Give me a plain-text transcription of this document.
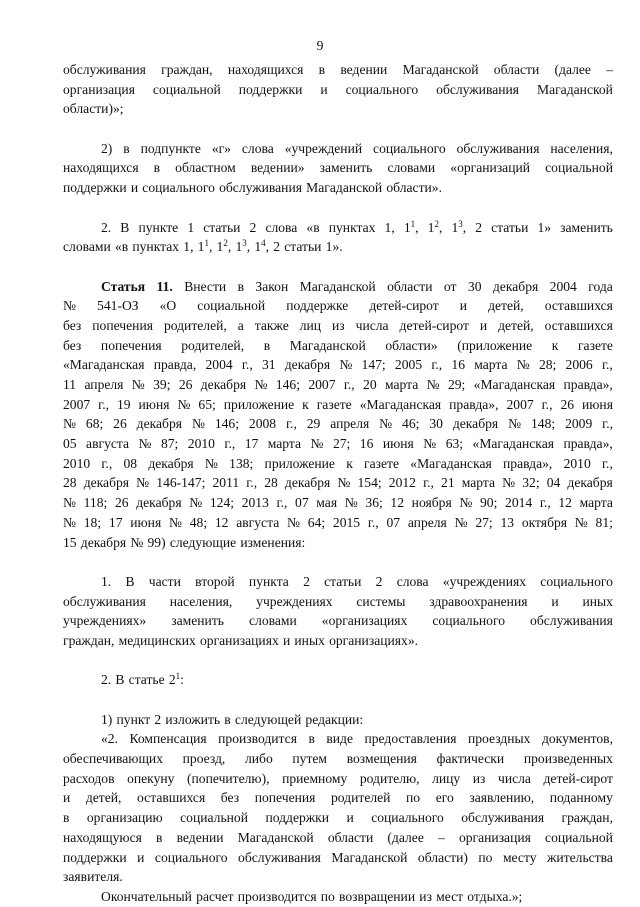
9
обслуживания граждан, находящихся в ведении Магаданской области (далее –
организация социальной поддержки и социального обслуживания Магаданской
области)»;
2) в подпункте «г» слова «учреждений социального обслуживания населения,
находящихся в областном ведении» заменить словами «организаций социальной
поддержки и социального обслуживания Магаданской области».
2. В пункте 1 статьи 2 слова «в пунктах 1, $1^1$, $1^2$, $1^3$, 2 статьи 1» заменить
словами «в пунктах 1, $1^1$, $1^2$, $1^3$, $1^4$, 2 статьи 1».
Статья 11. Внести в Закон Магаданской области от 30 декабря 2004 года
№ 541-ОЗ «О социальной поддержке детей-сирот и детей, оставшихся
без попечения родителей, а также лиц из числа детей-сирот и детей, оставшихся
без попечения родителей, в Магаданской области» (приложение к газете
«Магаданская правда, 2004 г., 31 декабря № 147; 2005 г., 16 марта № 28; 2006 г.,
11 апреля № 39; 26 декабря № 146; 2007 г., 20 марта № 29; «Магаданская правда»,
2007 г., 19 июня № 65; приложение к газете «Магаданская правда», 2007 г., 26 июня
№ 68; 26 декабря № 146; 2008 г., 29 апреля № 46; 30 декабря № 148; 2009 г.,
05 августа № 87; 2010 г., 17 марта № 27; 16 июня № 63; «Магаданская правда»,
2010 г., 08 декабря № 138; приложение к газете «Магаданская правда», 2010 г.,
28 декабря № 146-147; 2011 г., 28 декабря № 154; 2012 г., 21 марта № 32; 04 декабря
№ 118; 26 декабря № 124; 2013 г., 07 мая № 36; 12 ноября № 90; 2014 г., 12 марта
№ 18; 17 июня № 48; 12 августа № 64; 2015 г., 07 апреля № 27; 13 октября № 81;
15 декабря № 99) следующие изменения:
1. В части второй пункта 2 статьи 2 слова «учреждениях социального
обслуживания населения, учреждениях системы здравоохранения и иных
учреждениях» заменить словами «организациях социального обслуживания
граждан, медицинских организациях и иных организациях».
2. В статье $2^1$:
1) пункт 2 изложить в следующей редакции:
«2. Компенсация производится в виде предоставления проездных документов,
обеспечивающих проезд, либо путем возмещения фактически произведенных
расходов опекуну (попечителю), приемному родителю, лицу из числа детей-сирот
и детей, оставшихся без попечения родителей по его заявлению, поданному
в организацию социальной поддержки и социального обслуживания граждан,
находящуюся в ведении Магаданской области (далее – организация социальной
поддержки и социального обслуживания Магаданской области) по месту жительства
заявителя.
Окончательный расчет производится по возвращении из мест отдыха.»;
